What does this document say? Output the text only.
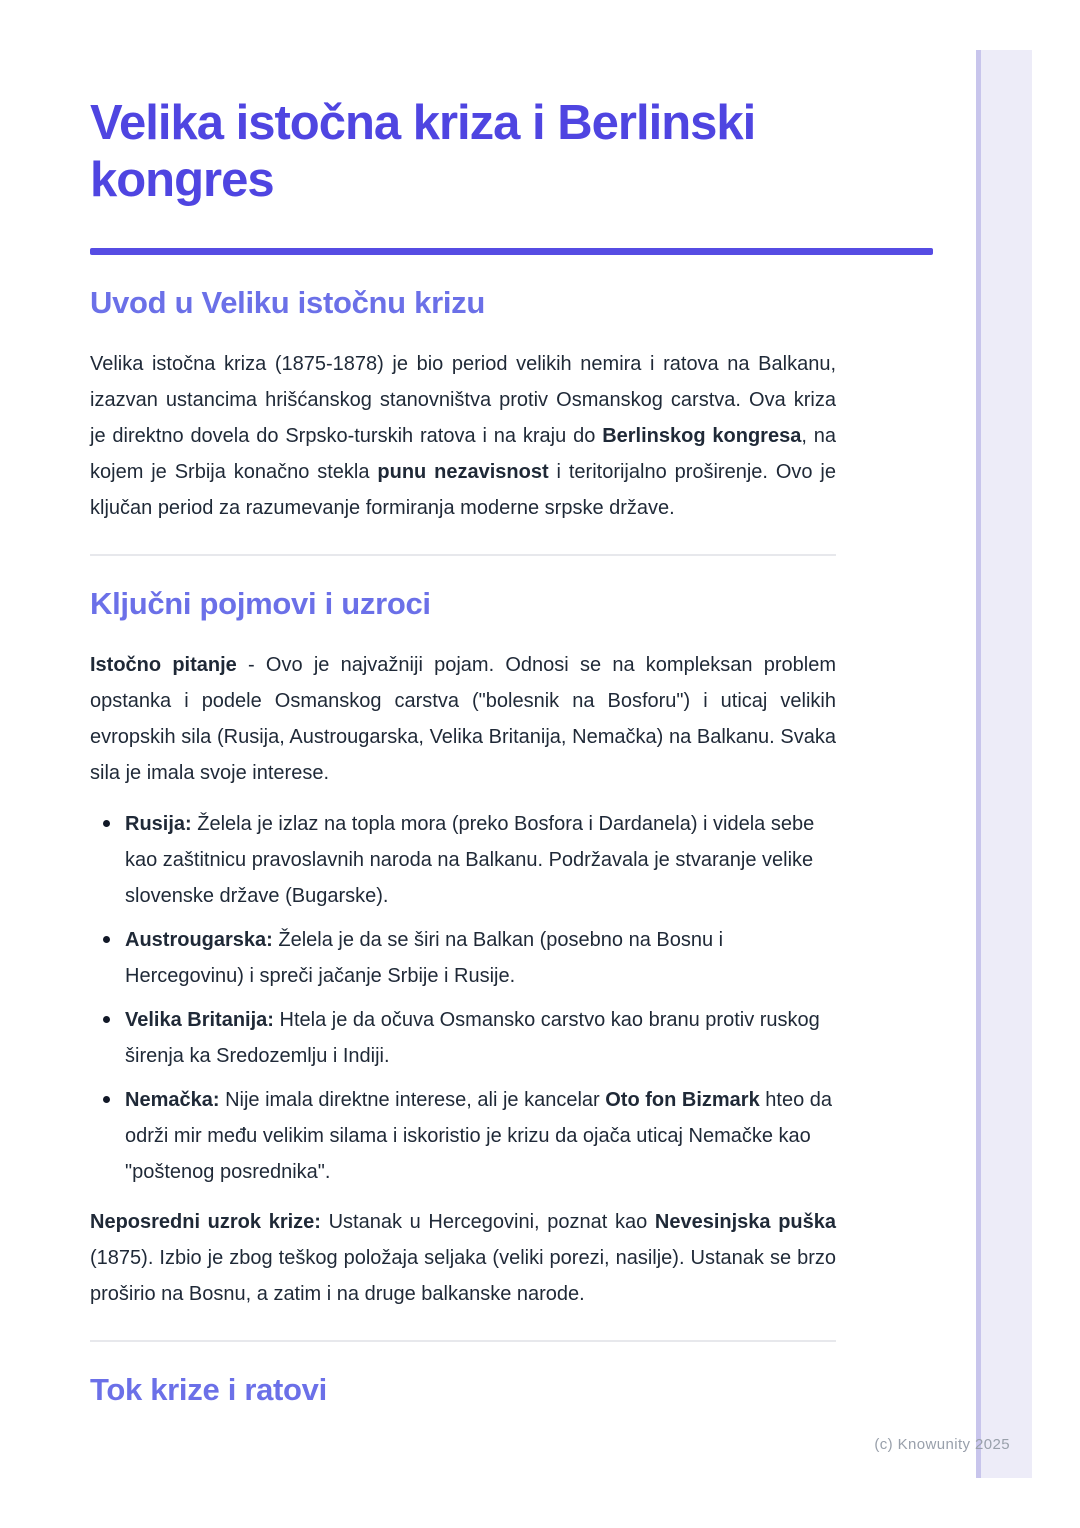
Velika istočna kriza i Berlinski kongres
Uvod u Veliku istočnu krizu

Velika istočna kriza (1875-1878) je bio period velikih nemira i ratova na Balkanu, izazvan ustancima hrišćanskog stanovništva protiv Osmanskog carstva. Ova kriza je direktno dovela do Srpsko-turskih ratova i na kraju do Berlinskog kongresa, na kojem je Srbija konačno stekla punu nezavisnost i teritorijalno proširenje. Ovo je ključan period za razumevanje formiranja moderne srpske države.

Ključni pojmovi i uzroci

Istočno pitanje - Ovo je najvažniji pojam. Odnosi se na kompleksan problem opstanka i podele Osmanskog carstva ("bolesnik na Bosforu") i uticaj velikih evropskih sila (Rusija, Austrougarska, Velika Britanija, Nemačka) na Balkanu. Svaka sila je imala svoje interese.

Rusija: Želela je izlaz na topla mora (preko Bosfora i Dardanela) i videla sebe kao zaštitnicu pravoslavnih naroda na Balkanu. Podržavala je stvaranje velike slovenske države (Bugarske).
Austrougarska: Želela je da se širi na Balkan (posebno na Bosnu i Hercegovinu) i spreči jačanje Srbije i Rusije.
Velika Britanija: Htela je da očuva Osmansko carstvo kao branu protiv ruskog širenja ka Sredozemlju i Indiji.
Nemačka: Nije imala direktne interese, ali je kancelar Oto fon Bizmark hteo da održi mir među velikim silama i iskoristio je krizu da ojača uticaj Nemačke kao "poštenog posrednika".

Neposredni uzrok krize: Ustanak u Hercegovini, poznat kao Nevesinjska puška (1875). Izbio je zbog teškog položaja seljaka (veliki porezi, nasilje). Ustanak se brzo proširio na Bosnu, a zatim i na druge balkanske narode.

Tok krize i ratovi
(c) Knowunity 2025
